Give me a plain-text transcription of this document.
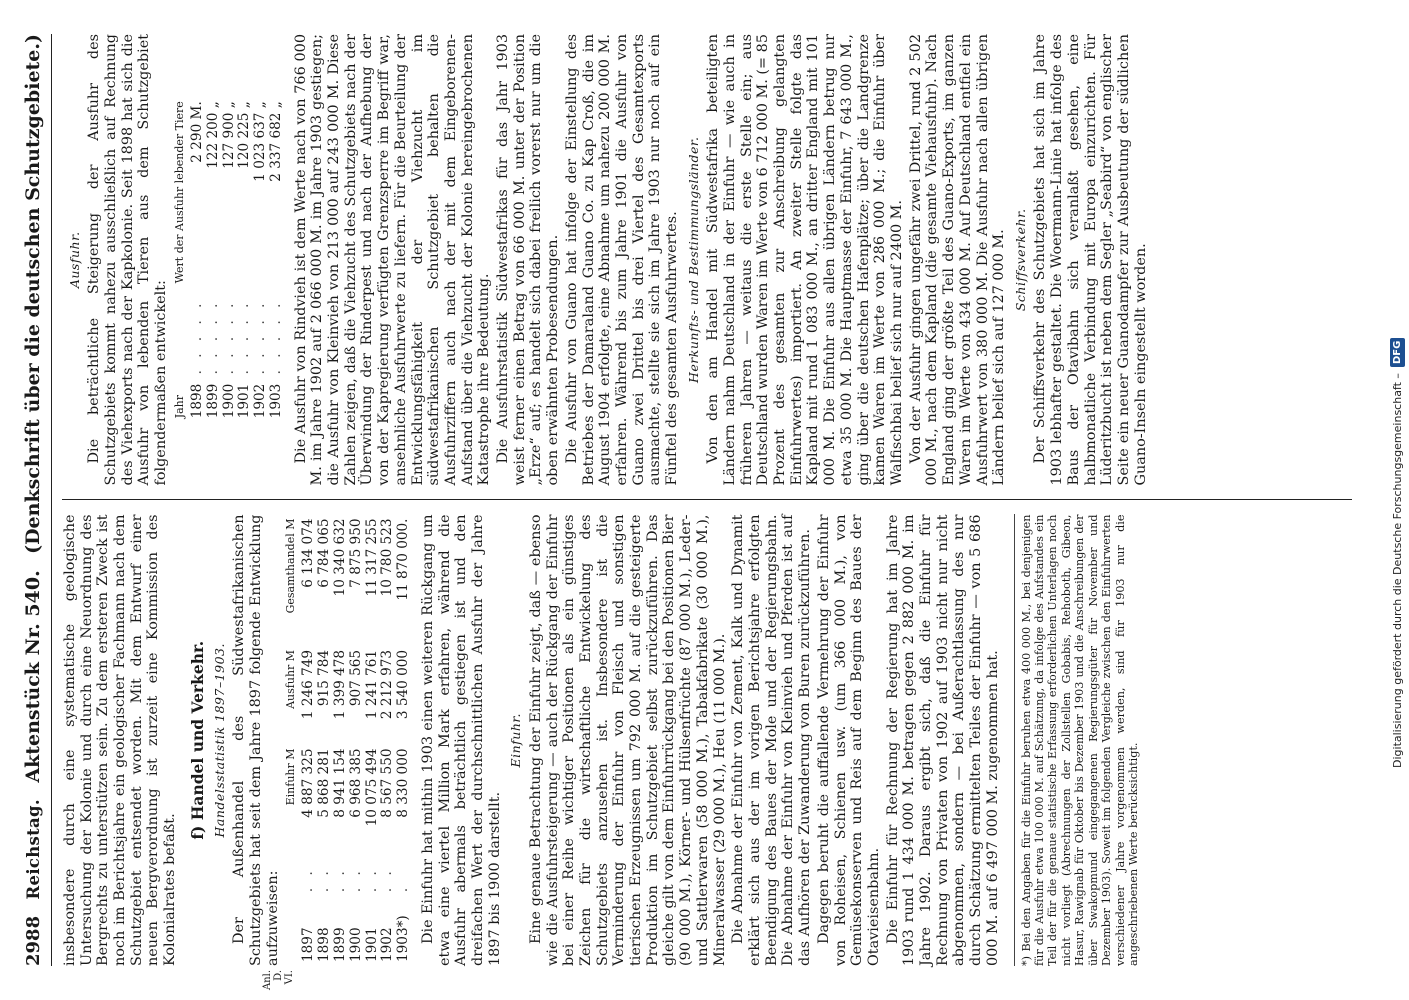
Anl. D. VI.
2988
Reichstag.
Aktenstück Nr. 540.
(Denkschrift über die deutschen Schutzgebiete.)

insbesondere durch eine systematische geologische Untersuchung der Kolonie und durch eine Neuordnung des Bergrechts zu unterstützen sein. Zu dem ersteren Zweck ist noch im Berichtsjahre ein geologischer Fachmann nach dem Schutzgebiet entsendet worden. Mit dem Entwurf einer neuen Bergverordnung ist zurzeit eine Kommission des Kolonialrates befaßt.

f) Handel und Verkehr. Handelsstatistik 1897–1903. Der Außenhandel des Südwestafrikanischen Schutzgebiets hat seit dem Jahre 1897 folgende Entwicklung aufzuweisen:

		Einfuhr M	Ausfuhr M	Gesamthandel M
1897	. .	4 887 325	1 246 749	6 134 074
1898	. .	5 868 281	915 784	6 784 065
1899	. .	8 941 154	1 399 478	10 340 632
1900	. .	6 968 385	907 565	7 875 950
1901	. .	10 075 494	1 241 761	11 317 255
1902	. .	8 567 550	2 212 973	10 780 523
1903*)	.	8 330 000	3 540 000	11 870 000. Die Einfuhr hat mithin 1903 einen weiteren Rückgang um etwa eine viertel Million Mark erfahren, während die Ausfuhr abermals beträchtlich gestiegen ist und den dreifachen Wert der durchschnittlichen Ausfuhr der Jahre 1897 bis 1900 darstellt.

Einfuhr. Eine genaue Betrachtung der Einfuhr zeigt, daß — ebenso wie die Ausfuhrsteigerung — auch der Rückgang der Einfuhr bei einer Reihe wichtiger Positionen als ein günstiges Zeichen für die wirtschaftliche Entwickelung des Schutzgebiets anzusehen ist. Insbesondere ist die Verminderung der Einfuhr von Fleisch und sonstigen tierischen Erzeugnissen um 792 000 M. auf die gesteigerte Produktion im Schutzgebiet selbst zurückzuführen. Das gleiche gilt von dem Einfuhrrückgang bei den Positionen Bier (90 000 M.), Körner- und Hülsenfrüchte (87 000 M.), Leder- und Sattlerwaren (58 000 M.), Tabakfabrikate (30 000 M.), Mineralwasser (29 000 M.), Heu (11 000 M.). Die Abnahme der Einfuhr von Zement, Kalk und Dynamit erklärt sich aus der im vorigen Berichtsjahre erfolgten Beendigung des Baues der Mole und der Regierungsbahn. Die Abnahme der Einfuhr von Kleinvieh und Pferden ist auf das Aufhören der Zuwanderung von Buren zurückzuführen. Dagegen beruht die auffallende Vermehrung der Einfuhr von Roheisen, Schienen usw. (um 366 000 M.), von Gemüsekonserven und Reis auf dem Beginn des Baues der Otavieisenbahn. Die Einfuhr für Rechnung der Regierung hat im Jahre 1903 rund 1 434 000 M. betragen gegen 2 882 000 M. im Jahre 1902. Daraus ergibt sich, daß die Einfuhr für Rechnung von Privaten von 1902 auf 1903 nicht nur nicht abgenommen, sondern — bei Außerachtlassung des nur durch Schätzung ermittelten Teiles der Einfuhr — von 5 686 000 M. auf 6 497 000 M. zugenommen hat.	*) Bei den Angaben für die Einfuhr beruhen etwa 400 000 M., bei denjenigen für die Ausfuhr etwa 100 000 M. auf Schätzung, da infolge des Aufstandes ein Teil der für die genaue statistische Erfassung erforderlichen Unterlagen noch nicht vorliegt (Abrechnungen der Zollstellen Gobabis, Rehoboth, Gibeon, Hasur, Rawignab für Oktober bis Dezember 1903 und die Anschreibungen der über Swakopmund eingegangenen Regierungsgüter für November und Dezember 1903). Soweit im folgenden Vergleiche zwischen den Einfuhrwerten verschiedener Jahre vorgenommen werden, sind für 1903 nur die angeschriebenen Werte berücksichtigt.
Ausfuhr. Die beträchtliche Steigerung der Ausfuhr des Schutzgebiets kommt nahezu ausschließlich auf Rechnung des Viehexports nach der Kapkolonie. Seit 1898 hat sich die Ausfuhr von lebenden Tieren aus dem Schutzgebiet folgendermaßen entwickelt: Jahr		Wert der Ausfuhr lebender Tiere
1898	. . . . .	2 290 M.
1899	. . . . .	122 200 „
1900	. . . . .	127 900 „
1901	. . . . .	120 225 „
1902	. . . . .	1 023 637 „
1903	. . . . .	2 337 682 „ Die Ausfuhr von Rindvieh ist dem Werte nach von 766 000 M. im Jahre 1902 auf 2 066 000 M. im Jahre 1903 gestiegen; die Ausfuhr von Kleinvieh von 213 000 auf 243 000 M. Diese Zahlen zeigen, daß die Viehzucht des Schutzgebiets nach der Überwindung der Rinderpest und nach der Aufhebung der von der Kapregierung verfügten Grenzsperre im Begriff war, ansehnliche Ausfuhrwerte zu liefern. Für die Beurteilung der Entwicklungsfähigkeit der Viehzucht im südwestafrikanischen Schutzgebiet behalten die Ausfuhrziffern auch nach der mit dem Eingeborenen-Aufstand über die Viehzucht der Kolonie hereingebrochenen Katastrophe ihre Bedeutung. Die Ausfuhrstatistik Südwestafrikas für das Jahr 1903 weist ferner einen Betrag von 66 000 M. unter der Position „Erze“ auf; es handelt sich dabei freilich vorerst nur um die oben erwähnten Probesendungen. Die Ausfuhr von Guano hat infolge der Einstellung des Betriebes der Damaraland Guano Co. zu Kap Croß, die im August 1904 erfolgte, eine Abnahme um nahezu 200 000 M. erfahren. Während bis zum Jahre 1901 die Ausfuhr von Guano zwei Drittel bis drei Viertel des Gesamtexports ausmachte, stellte sie sich im Jahre 1903 nur noch auf ein Fünftel des gesamten Ausfuhrwertes. Herkunfts- und Bestimmungsländer. Von den am Handel mit Südwestafrika beteiligten Ländern nahm Deutschland in der Einfuhr — wie auch in früheren Jahren — weitaus die erste Stelle ein; aus Deutschland wurden Waren im Werte von 6 712 000 M. (= 85 Prozent des gesamten zur Anschreibung gelangten Einfuhrwertes) importiert. An zweiter Stelle folgte das Kapland mit rund 1 083 000 M., an dritter England mit 101 000 M. Die Einfuhr aus allen übrigen Ländern betrug nur etwa 35 000 M. Die Hauptmasse der Einfuhr, 7 643 000 M., ging über die deutschen Hafenplätze; über die Landgrenze kamen Waren im Werte von 286 000 M.; die Einfuhr über Walfischbai belief sich nur auf 2400 M. Von der Ausfuhr gingen ungefähr zwei Drittel, rund 2 502 000 M., nach dem Kapland (die gesamte Viehausfuhr). Nach England ging der größte Teil des Guano-Exports, im ganzen Waren im Werte von 434 000 M. Auf Deutschland entfiel ein Ausfuhrwert von 380 000 M. Die Ausfuhr nach allen übrigen Ländern belief sich auf 127 000 M. Schiffsverkehr. Der Schiffsverkehr des Schutzgebiets hat sich im Jahre 1903 lebhafter gestaltet. Die Woermann-Linie hat infolge des Baus der Otavibahn sich veranlaßt gesehen, eine halbmonatliche Verbindung mit Europa einzurichten. Für Lüderitzbucht ist neben dem Segler „Seabird“ von englischer Seite ein neuer Guanodampfer zur Ausbeutung der südlichen Guano-Inseln eingestellt worden.

Digitalisierung gefördert durch die Deutsche Forschungsgemeinschaft –
DFG
